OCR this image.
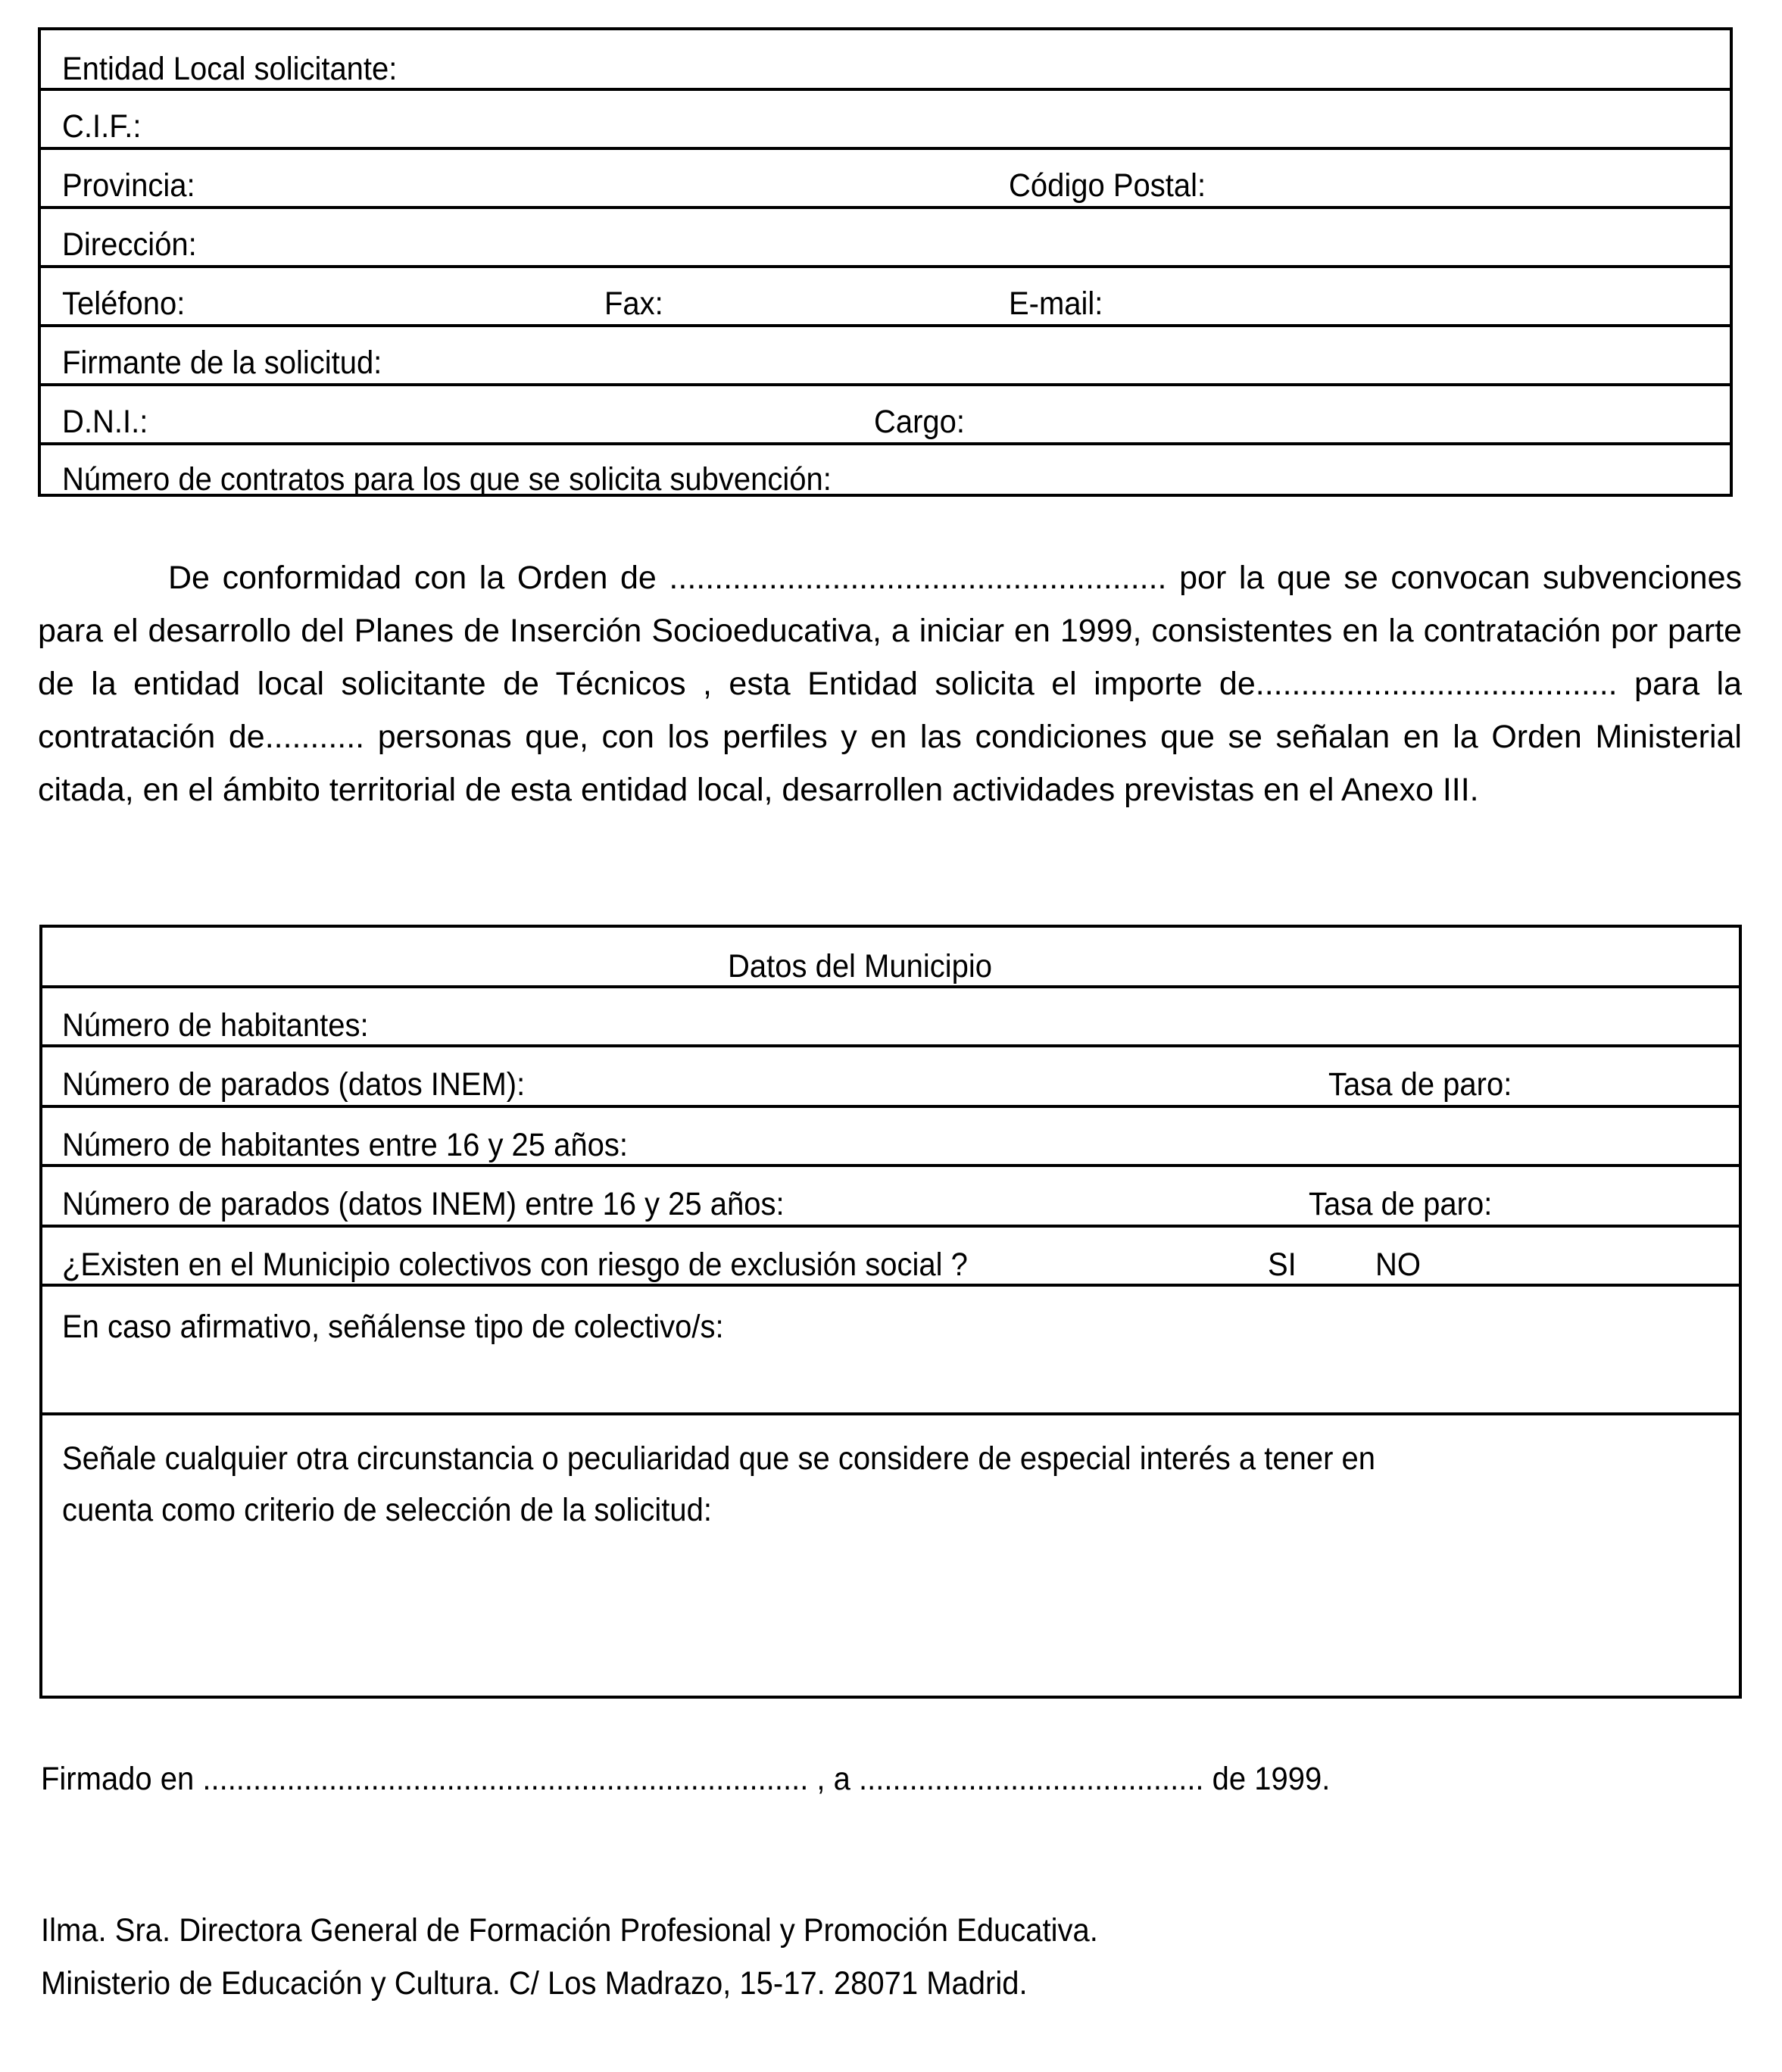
Entidad Local solicitante:
C.I.F.:
Provincia:	Código Postal:
Dirección:
Teléfono:	Fax:	E-mail:
Firmante de la solicitud:
D.N.I.:	Cargo:
Número de contratos para los que se solicita subvención:

De conformidad con la Orden de ....................................................... por la que se convocan subvenciones para el desarrollo del Planes de Inserción Socioeducativa, a iniciar en 1999, consistentes en la contratación por parte de la entidad local solicitante de Técnicos , esta Entidad solicita el importe de........................................ para la contratación de........... personas que, con los perfiles y en las condiciones que se señalan en la Orden Ministerial citada, en el ámbito territorial de esta entidad local, desarrollen actividades previstas en el Anexo III.

Datos del Municipio
Número de habitantes:
Número de parados (datos INEM):	Tasa de paro:
Número de habitantes entre 16 y 25 años:
Número de parados (datos INEM) entre 16 y 25 años:	Tasa de paro:
¿Existen en el Municipio colectivos con riesgo de exclusión social ?	SI NO
En caso afirmativo, señálense tipo de colectivo/s:
Señale cualquier otra circunstancia o peculiaridad que se considere de especial interés a tener en
cuenta como criterio de selección de la solicitud:
Firmado en ........................................................................ , a ......................................... de 1999.
Ilma. Sra. Directora General de Formación Profesional y Promoción Educativa.
Ministerio de Educación y Cultura. C/ Los Madrazo, 15-17. 28071 Madrid.
